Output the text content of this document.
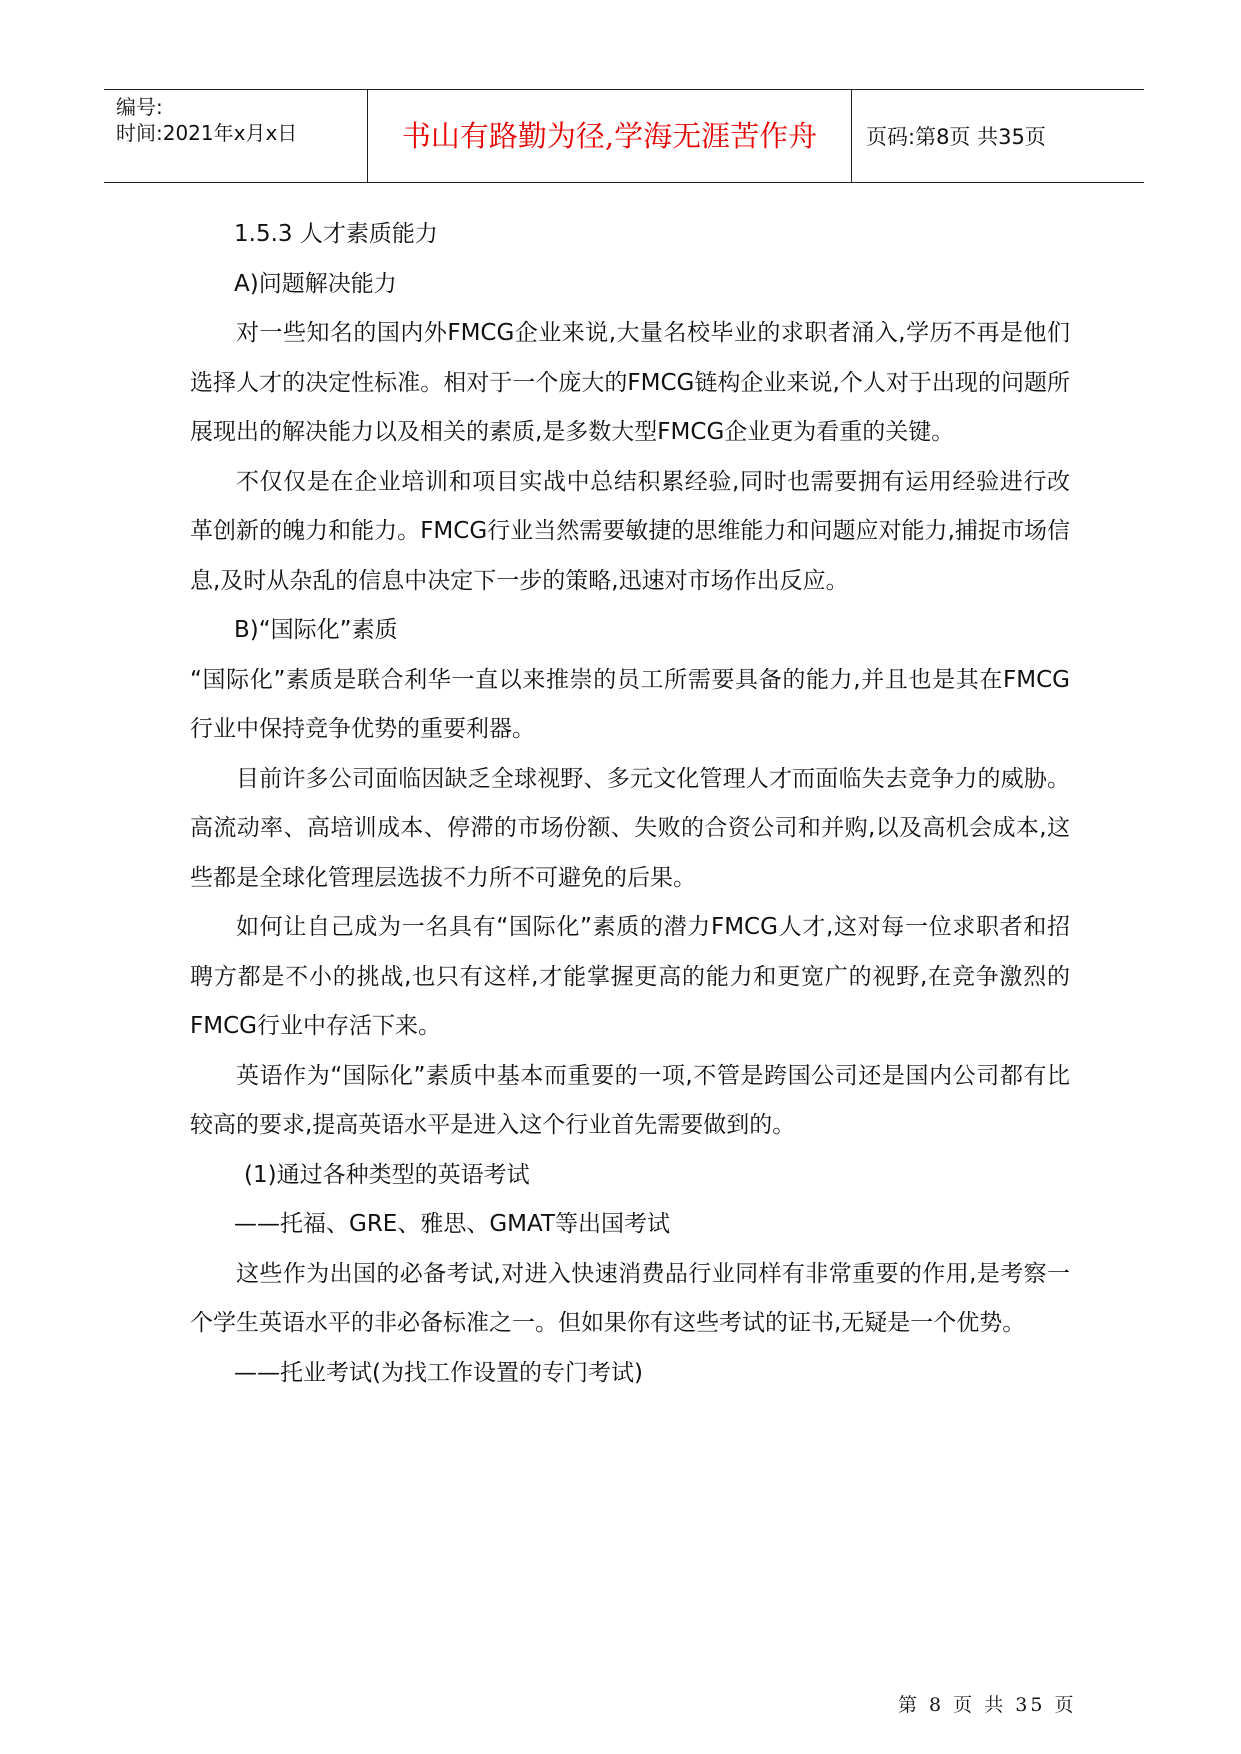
编号:
时间:2021年x月x日	书山有路勤为径,学海无涯苦作舟	页码:第8页 共35页

1.5.3 人才素质能力

A)问题解决能力

对一些知名的国内外FMCG企业来说,大量名校毕业的求职者涌入,学历不再是他们选择人才的决定性标准。相对于一个庞大的FMCG链构企业来说,个人对于出现的问题所展现出的解决能力以及相关的素质,是多数大型FMCG企业更为看重的关键。

不仅仅是在企业培训和项目实战中总结积累经验,同时也需要拥有运用经验进行改革创新的魄力和能力。FMCG行业当然需要敏捷的思维能力和问题应对能力,捕捉市场信息,及时从杂乱的信息中决定下一步的策略,迅速对市场作出反应。

B)“国际化”素质

“国际化”素质是联合利华一直以来推崇的员工所需要具备的能力,并且也是其在FMCG行业中保持竞争优势的重要利器。

目前许多公司面临因缺乏全球视野、多元文化管理人才而面临失去竞争力的威胁。高流动率、高培训成本、停滞的市场份额、失败的合资公司和并购,以及高机会成本,这些都是全球化管理层选拔不力所不可避免的后果。

如何让自己成为一名具有“国际化”素质的潜力FMCG人才,这对每一位求职者和招聘方都是不小的挑战,也只有这样,才能掌握更高的能力和更宽广的视野,在竞争激烈的FMCG行业中存活下来。

英语作为“国际化”素质中基本而重要的一项,不管是跨国公司还是国内公司都有比较高的要求,提高英语水平是进入这个行业首先需要做到的。

(1)通过各种类型的英语考试

——托福、GRE、雅思、GMAT等出国考试

这些作为出国的必备考试,对进入快速消费品行业同样有非常重要的作用,是考察一个学生英语水平的非必备标准之一。但如果你有这些考试的证书,无疑是一个优势。

——托业考试(为找工作设置的专门考试)

第 8 页 共 35 页
